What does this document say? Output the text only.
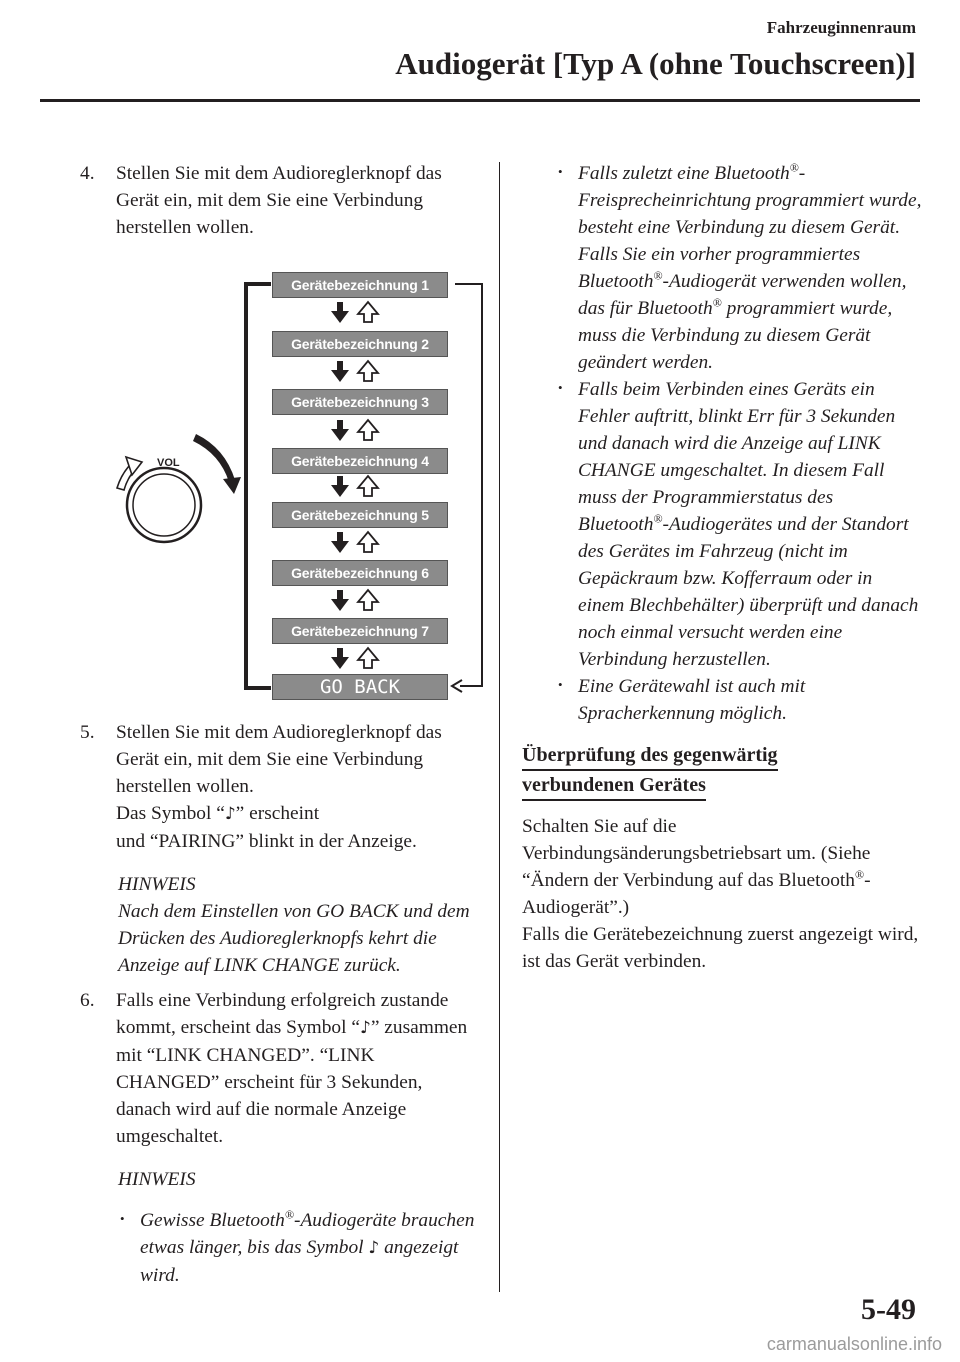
Fahrzeuginnenraum
Audiogerät [Typ A (ohne Touchscreen)]
4. Stellen Sie mit dem Audioreglerknopf das Gerät ein, mit dem Sie eine Verbindung herstellen wollen.
5. Stellen Sie mit dem Audioreglerknopf das Gerät ein, mit dem Sie eine Verbindung herstellen wollen.
Das Symbol “♪” erscheint
und “PAIRING” blinkt in der Anzeige.
HINWEIS
Nach dem Einstellen von GO BACK und dem Drücken des Audioreglerknopfs kehrt die Anzeige auf LINK CHANGE zurück.
6. Falls eine Verbindung erfolgreich zustande kommt, erscheint das Symbol “♪” zusammen mit “LINK CHANGED”. “LINK CHANGED” erscheint für 3 Sekunden, danach wird auf die normale Anzeige umgeschaltet.
HINWEIS
• Gewisse Bluetooth®-Audiogeräte brauchen etwas länger, bis das Symbol ♪ angezeigt wird.
Gerätebezeichnung 1
Gerätebezeichnung 2
Gerätebezeichnung 3
Gerätebezeichnung 4
Gerätebezeichnung 5
Gerätebezeichnung 6
Gerätebezeichnung 7
GO BACK
VOL
• Falls zuletzt eine Bluetooth®-Freisprecheinrichtung programmiert wurde, besteht eine Verbindung zu diesem Gerät. Falls Sie ein vorher programmiertes Bluetooth®-Audiogerät verwenden wollen, das für Bluetooth® programmiert wurde, muss die Verbindung zu diesem Gerät geändert werden.
• Falls beim Verbinden eines Geräts ein Fehler auftritt, blinkt Err für 3 Sekunden und danach wird die Anzeige auf LINK CHANGE umgeschaltet. In diesem Fall muss der Programmierstatus des Bluetooth®-Audiogerätes und der Standort des Gerätes im Fahrzeug (nicht im Gepäckraum bzw. Kofferraum oder in einem Blechbehälter) überprüft und danach noch einmal versucht werden eine Verbindung herzustellen.
• Eine Gerätewahl ist auch mit Spracherkennung möglich.
Überprüfung des gegenwärtig
verbundenen Gerätes
Schalten Sie auf die Verbindungsänderungsbetriebsart um. (Siehe “Ändern der Verbindung auf das Bluetooth®-Audiogerät”.)
Falls die Gerätebezeichnung zuerst angezeigt wird, ist das Gerät verbinden.
5-49
carmanualsonline.info
